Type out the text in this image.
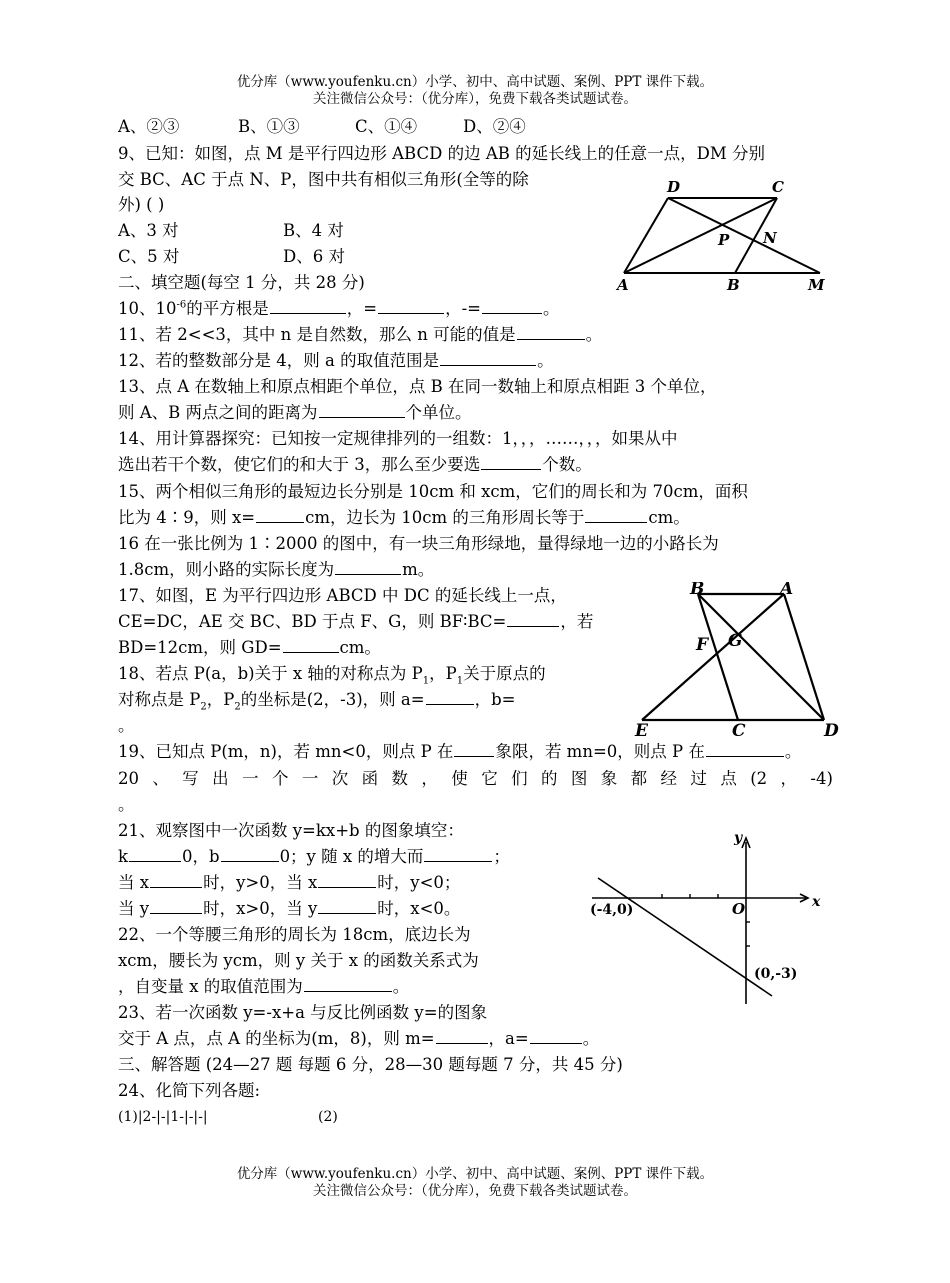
优分库（www.youfenku.cn）小学、初中、高中试题、案例、PPT 课件下载。
关注微信公众号：（优分库），免费下载各类试题试卷。
A、②③	B、①③	C、①④	D、②④
9、已知：如图，点 M 是平行四边形 ABCD 的边 AB 的延长线上的任意一点，DM 分别
交 BC、AC 于点 N、P，图中共有相似三角形(全等的除
外) ( )
A、3 对	B、4 对
C、5 对	D、6 对
D	C
P N
A	B	M
二、填空题(每空 1 分，共 28 分)
10、$10^{-6}$的平方根是	，=	，-=	。
11、若 2<<3，其中 n 是自然数，那么 n 可能的值是	。
12、若的整数部分是 4，则 a 的取值范围是	。
13、点 A 在数轴上和原点相距个单位，点 B 在同一数轴上和原点相距 3 个单位，
则 A、B 两点之间的距离为	个单位。
14、用计算器探究：已知按一定规律排列的一组数：1，，，……，，，如果从中
选出若干个数，使它们的和大于 3，那么至少要选	个数。
15、两个相似三角形的最短边长分别是 10cm 和 xcm，它们的周长和为 70cm，面积
比为 4∶9，则 x=	cm，边长为 10cm 的三角形周长等于	cm。
16 在一张比例为 1∶2000 的图中，有一块三角形绿地，量得绿地一边的小路长为
1.8cm，则小路的实际长度为	m。
17、如图，E 为平行四边形 ABCD 中 DC 的延长线上一点，
CE=DC，AE 交 BC、BD 于点 F、G，则 BF∶BC=	，若
BD=12cm，则 GD=	cm。
B	A
F G
E	C	D
18、若点 P(a，b)关于 x 轴的对称点为 $P_1$，$P_1$关于原点的
对称点是 $P_2$，$P_2$的坐标是(2，-3)，则 a=	，b=
。
19、已知点 P(m，n)，若 mn<0，则点 P 在	象限，若 mn=0，则点 P 在	。
20 、 写 出 一 个 一 次 函 数 ， 使 它 们 的 图 象 都 经 过 点 (2 ， -4)
。
21、观察图中一次函数 y=kx+b 的图象填空：
k	0，b	0；y 随 x 的增大而	；
当 x	时，y>0，当 x	时，y<0；
当 y	时，x>0，当 y	时，x<0。
y
x
O
(-4,0)
(0,-3)
22、一个等腰三角形的周长为 18cm，底边长为
xcm，腰长为 ycm，则 y 关于 x 的函数关系式为
，自变量 x 的取值范围为	。
23、若一次函数 y=-x+a 与反比例函数 y=的图象
交于 A 点，点 A 的坐标为(m，8)，则 m=	，a=	。
三、解答题 (24—27 题 每题 6 分，28—30 题每题 7 分，共 45 分)
24、化简下列各题:
(1)|2-|-|1-|-|-|	(2)
优分库（www.youfenku.cn）小学、初中、高中试题、案例、PPT 课件下载。
关注微信公众号：（优分库），免费下载各类试题试卷。
